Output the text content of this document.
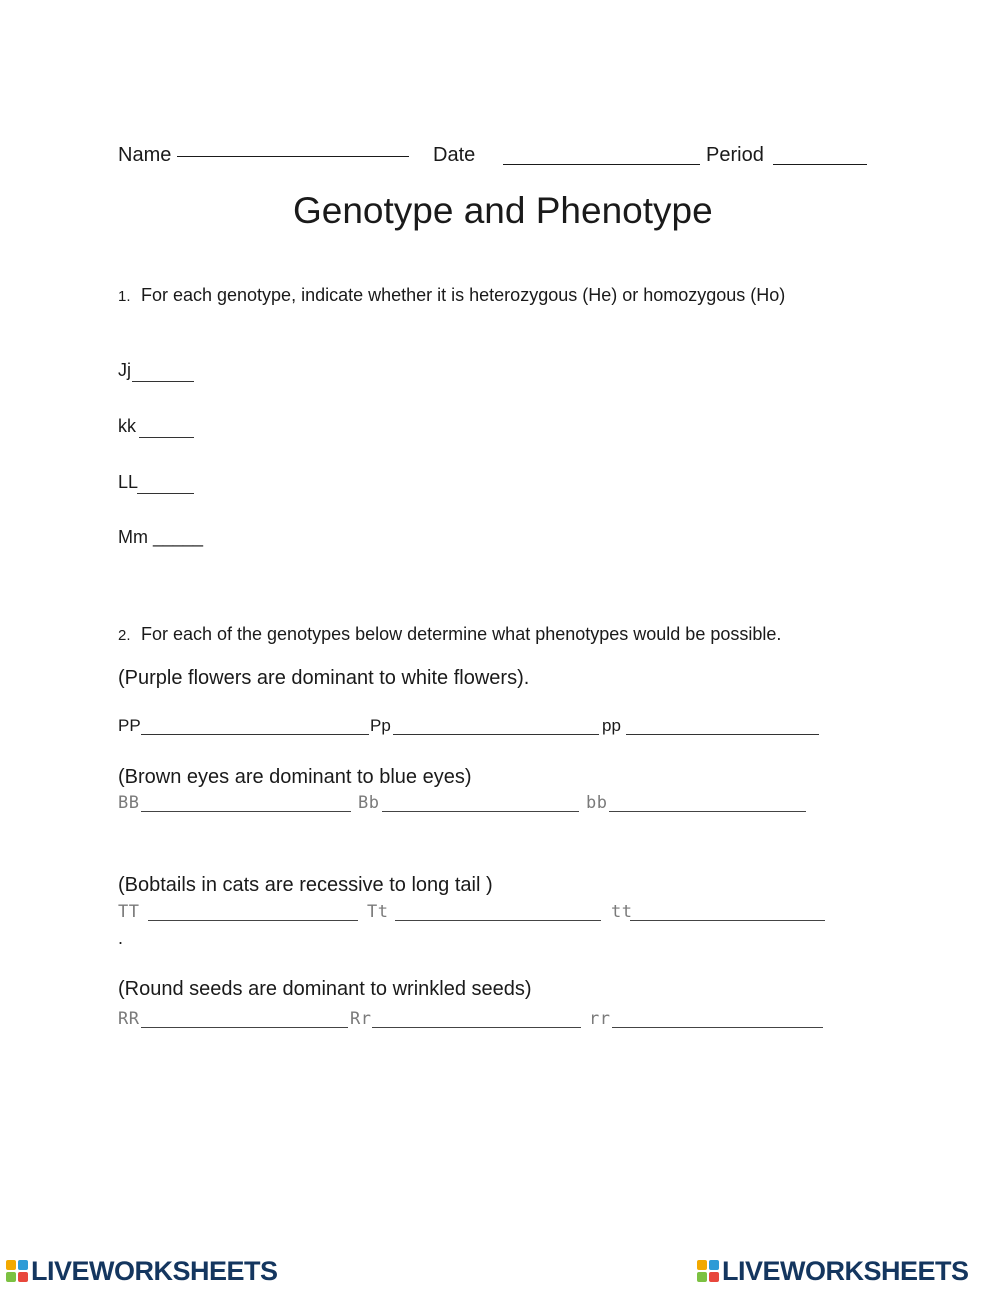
Name	Date	Period
Genotype and Phenotype
1. For each genotype, indicate whether it is heterozygous (He) or homozygous (Ho)
Jj
kk
LL
Mm _____
2. For each of the genotypes below determine what phenotypes would be possible.
(Purple flowers are dominant to white flowers).
PP	Pp	pp
(Brown eyes are dominant to blue eyes)
BB	Bb	bb
(Bobtails in cats are recessive to long tail )
TT	Tt	tt
.
(Round seeds are dominant to wrinkled seeds)
RR	Rr	rr
LIVEWORKSHEETS	LIVEWORKSHEETS
